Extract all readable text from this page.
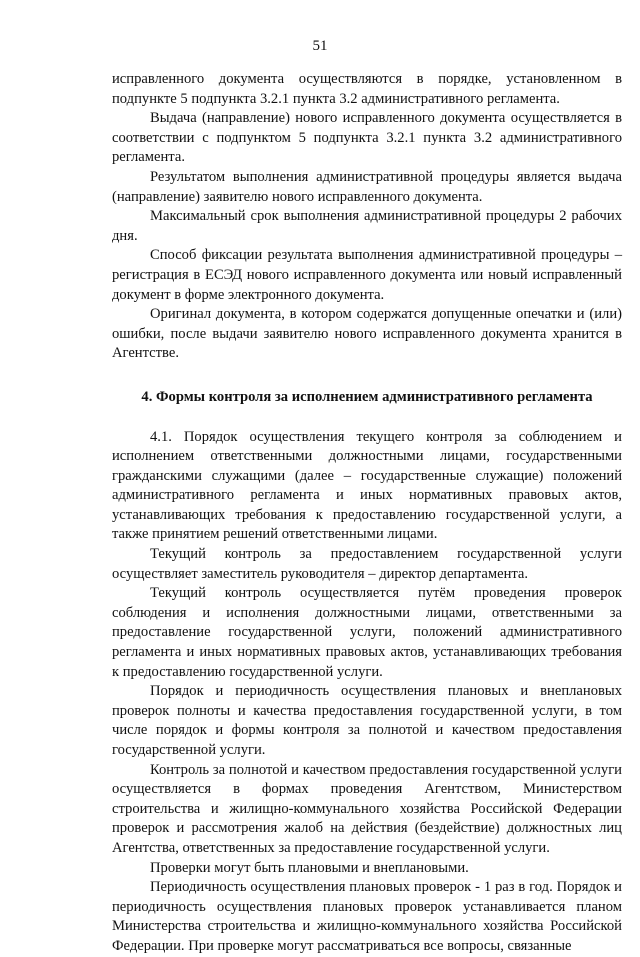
51

исправленного документа осуществляются в порядке, установленном в подпункте 5 подпункта 3.2.1 пункта 3.2 административного регламента.

Выдача (направление) нового исправленного документа осуществляется в соответствии с подпунктом 5 подпункта 3.2.1 пункта 3.2 административного регламента.

Результатом выполнения административной процедуры является выдача (направление) заявителю нового исправленного документа.

Максимальный срок выполнения административной процедуры 2 рабочих дня.

Способ фиксации результата выполнения административной процедуры – регистрация в ЕСЭД нового исправленного документа или новый исправленный документ в форме электронного документа.

Оригинал документа, в котором содержатся допущенные опечатки и (или) ошибки, после выдачи заявителю нового исправленного документа хранится в Агентстве.

4. Формы контроля за исполнением административного регламента

4.1. Порядок осуществления текущего контроля за соблюдением и исполнением ответственными должностными лицами, государственными гражданскими служащими (далее – государственные служащие) положений административного регламента и иных нормативных правовых актов, устанавливающих требования к предоставлению государственной услуги, а также принятием решений ответственными лицами.

Текущий контроль за предоставлением государственной услуги осуществляет заместитель руководителя – директор департамента.

Текущий контроль осуществляется путём проведения проверок соблюдения и исполнения должностными лицами, ответственными за предоставление государственной услуги, положений административного регламента и иных нормативных правовых актов, устанавливающих требования к предоставлению государственной услуги.

Порядок и периодичность осуществления плановых и внеплановых проверок полноты и качества предоставления государственной услуги, в том числе порядок и формы контроля за полнотой и качеством предоставления государственной услуги.

Контроль за полнотой и качеством предоставления государственной услуги осуществляется в формах проведения Агентством, Министерством строительства и жилищно-коммунального хозяйства Российской Федерации проверок и рассмотрения жалоб на действия (бездействие) должностных лиц Агентства, ответственных за предоставление государственной услуги.

Проверки могут быть плановыми и внеплановыми.

Периодичность осуществления плановых проверок - 1 раз в год. Порядок и периодичность осуществления плановых проверок устанавливается планом Министерства строительства и жилищно-коммунального хозяйства Российской Федерации. При проверке могут рассматриваться все вопросы, связанные
